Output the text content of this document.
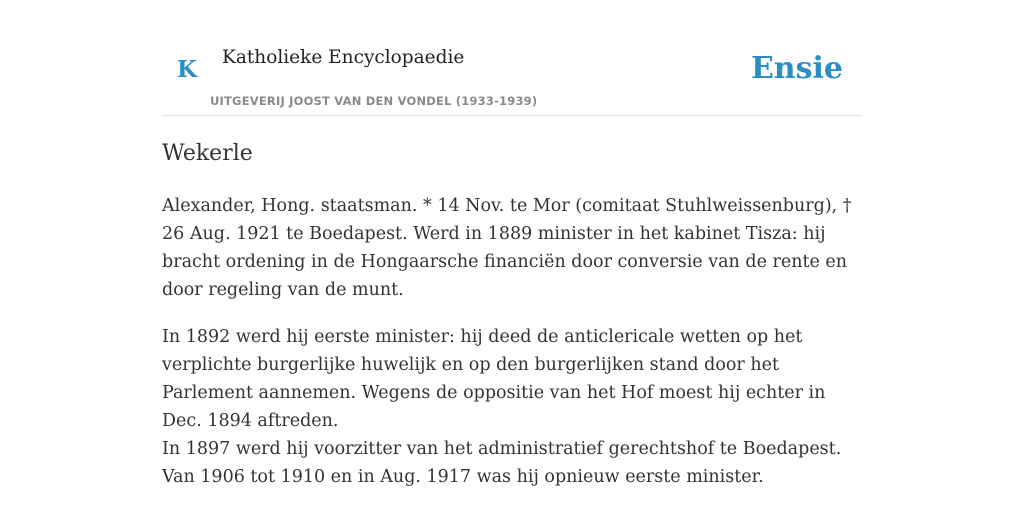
K Katholieke Encyclopaedie
UITGEVERIJ JOOST VAN DEN VONDEL (1933-1939)
Ensie
Wekerle

Alexander, Hong. staatsman. * 14 Nov. te Mor (comitaat Stuhlweissenburg), † 26 Aug. 1921 te Boedapest. Werd in 1889 minister in het kabinet Tisza: hij bracht ordening in de Hongaarsche financiën door conversie van de rente en door regeling van de munt.

In 1892 werd hij eerste minister: hij deed de anticlericale wetten op het verplichte burgerlijke huwelijk en op den burgerlijken stand door het Parlement aannemen. Wegens de oppositie van het Hof moest hij echter in Dec. 1894 aftreden.

In 1897 werd hij voorzitter van het administratief gerechtshof te Boedapest. Van 1906 tot 1910 en in Aug. 1917 was hij opnieuw eerste minister.
